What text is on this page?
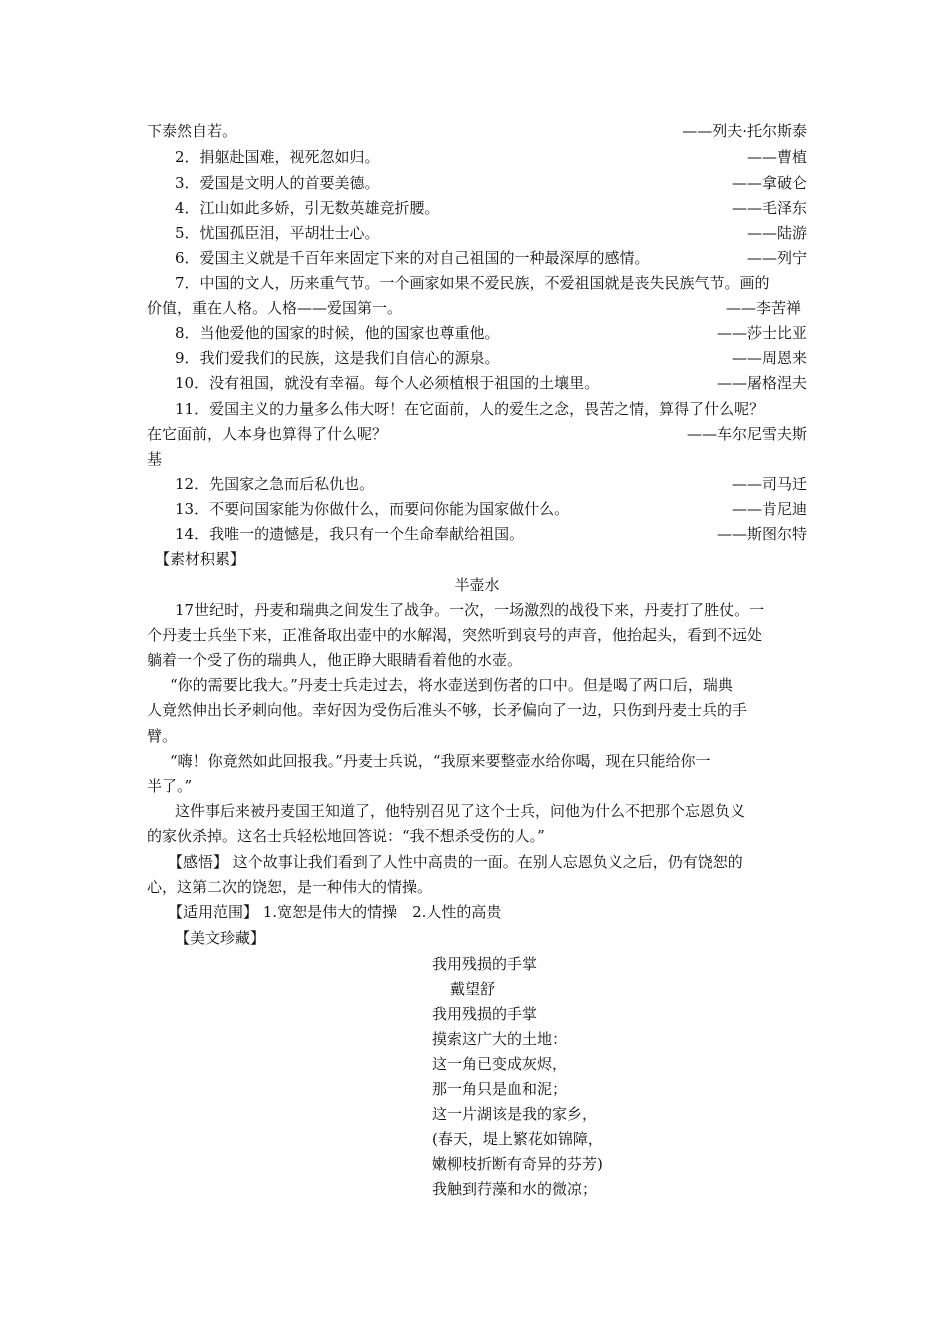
下泰然自若。	——列夫·托尔斯泰
2．捐躯赴国难，视死忽如归。	——曹植
3．爱国是文明人的首要美德。	——拿破仑
4．江山如此多娇，引无数英雄竞折腰。	——毛泽东
5．忧国孤臣泪，平胡壮士心。	——陆游
6．爱国主义就是千百年来固定下来的对自己祖国的一种最深厚的感情。	——列宁
7．中国的文人，历来重气节。一个画家如果不爱民族，不爱祖国就是丧失民族气节。画的
价值，重在人格。人格——爱国第一。	——李苦禅
8．当他爱他的国家的时候，他的国家也尊重他。	——莎士比亚
9．我们爱我们的民族，这是我们自信心的源泉。	——周恩来
10．没有祖国，就没有幸福。每个人必须植根于祖国的土壤里。	——屠格涅夫
11．爱国主义的力量多么伟大呀！在它面前，人的爱生之念，畏苦之情，算得了什么呢？
在它面前，人本身也算得了什么呢？	——车尔尼雪夫斯
基
12．先国家之急而后私仇也。	——司马迁
13．不要问国家能为你做什么，而要问你能为国家做什么。	——肯尼迪
14．我唯一的遗憾是，我只有一个生命奉献给祖国。	——斯图尔特
【素材积累】
半壶水
17世纪时，丹麦和瑞典之间发生了战争。一次，一场激烈的战役下来，丹麦打了胜仗。一
个丹麦士兵坐下来，正准备取出壶中的水解渴，突然听到哀号的声音，他抬起头，看到不远处
躺着一个受了伤的瑞典人，他正睁大眼睛看着他的水壶。
“你的需要比我大。”丹麦士兵走过去，将水壶送到伤者的口中。但是喝了两口后，瑞典
人竟然伸出长矛刺向他。幸好因为受伤后准头不够，长矛偏向了一边，只伤到丹麦士兵的手
臂。
“嗨！你竟然如此回报我。”丹麦士兵说，“我原来要整壶水给你喝，现在只能给你一
半了。”
这件事后来被丹麦国王知道了，他特别召见了这个士兵，问他为什么不把那个忘恩负义
的家伙杀掉。这名士兵轻松地回答说：“我不想杀受伤的人。”
【感悟】 这个故事让我们看到了人性中高贵的一面。在别人忘恩负义之后，仍有饶恕的
心，这第二次的饶恕，是一种伟大的情操。
【适用范围】 1.宽恕是伟大的情操　2.人性的高贵
【美文珍藏】
我用残损的手掌
戴望舒
我用残损的手掌
摸索这广大的土地：
这一角已变成灰烬，
那一角只是血和泥；
这一片湖该是我的家乡，
(春天，堤上繁花如锦障，
嫩柳枝折断有奇异的芬芳)
我触到荇藻和水的微凉；
